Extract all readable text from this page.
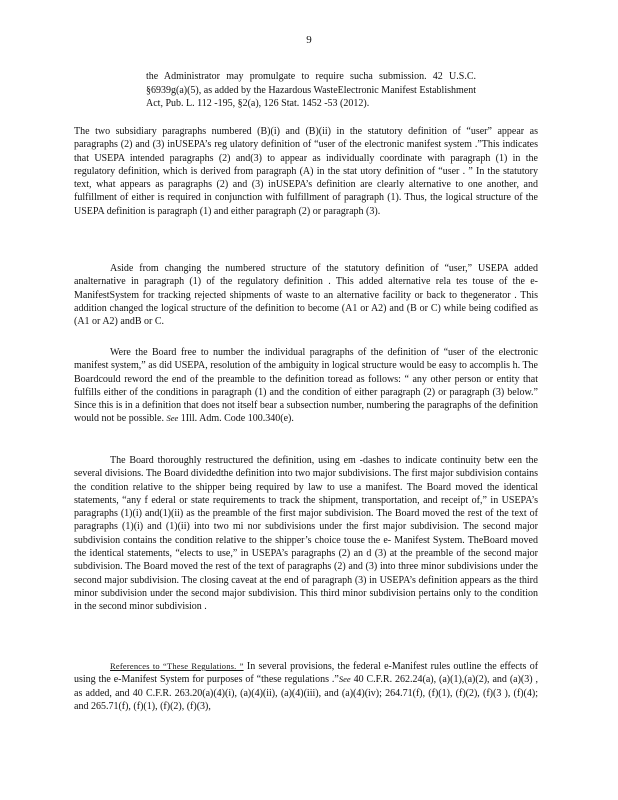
9
the Administrator may promulgate to require sucha submission. 42 U.S.C. §6939g(a)(5), as added by the Hazardous WasteElectronic Manifest Establishment Act, Pub. L. 112 -195, §2(a), 126 Stat. 1452 -53 (2012).

The two subsidiary paragraphs numbered (B)(i) and (B)(ii) in the statutory definition of “user” appear as paragraphs (2) and (3) inUSEPA’s reg ulatory definition of “user of the electronic manifest system .”This indicates that USEPA intended paragraphs (2) and(3) to appear as individually coordinate with paragraph (1) in the regulatory definition, which is derived from paragraph (A) in the stat utory definition of “user . ” In the statutory text, what appears as paragraphs (2) and (3) inUSEPA’s definition are clearly alternative to one another, and fulfillment of either is required in conjunction with fulfillment of paragraph (1). Thus, the logical structure of the USEPA definition is paragraph (1) and either paragraph (2) or paragraph (3).

Aside from changing the numbered structure of the statutory definition of “user,” USEPA added analternative in paragraph (1) of the regulatory definition . This added alternative rela tes touse of the e- ManifestSystem for tracking rejected shipments of waste to an alternative facility or back to thegenerator . This addition changed the logical structure of the definition to become (A1 or A2) and (B or C) while being codified as (A1 or A2) andB or C.

Were the Board free to number the individual paragraphs of the definition of “user of the electronic manifest system,” as did USEPA, resolution of the ambiguity in logical structure would be easy to accomplis h. The Boardcould reword the end of the preamble to the definition toread as follows: “ any other person or entity that fulfills either of the conditions in paragraph (1) and the condition of either paragraph (2) or paragraph (3) below.” Since this is in a definition that does not itself bear a subsection number, numbering the paragraphs of the definition would not be possible. See 1Ill. Adm. Code 100.340(e).

The Board thoroughly restructured the definition, using em -dashes to indicate continuity betw een the several divisions. The Board dividedthe definition into two major subdivisions. The first major subdivision contains the condition relative to the shipper being required by law to use a manifest. The Board moved the identical statements, “any f ederal or state requirements to track the shipment, transportation, and receipt of,” in USEPA’s paragraphs (1)(i) and(1)(ii) as the preamble of the first major subdivision. The Board moved the rest of the text of paragraphs (1)(i) and (1)(ii) into two mi nor subdivisions under the first major subdivision. The second major subdivision contains the condition relative to the shipper’s choice touse the e- Manifest System. TheBoard moved the identical statements, “elects to use,” in USEPA’s paragraphs (2) an d (3) at the preamble of the second major subdivision. The Board moved the rest of the text of paragraphs (2) and (3) into three minor subdivisions under the second major subdivision. The closing caveat at the end of paragraph (3) in USEPA’s definition appears as the third minor subdivision under the second major subdivision. This third minor subdivision pertains only to the condition in the second minor subdivision .

References to “These Regulations. ” In several provisions, the federal e-Manifest rules outline the effects of using the e-Manifest System for purposes of “these regulations .”See 40 C.F.R. 262.24(a), (a)(1),(a)(2), and (a)(3) , as added, and 40 C.F.R. 263.20(a)(4)(i), (a)(4)(ii), (a)(4)(iii), and (a)(4)(iv); 264.71(f), (f)(1), (f)(2), (f)(3 ), (f)(4); and 265.71(f), (f)(1), (f)(2), (f)(3),
